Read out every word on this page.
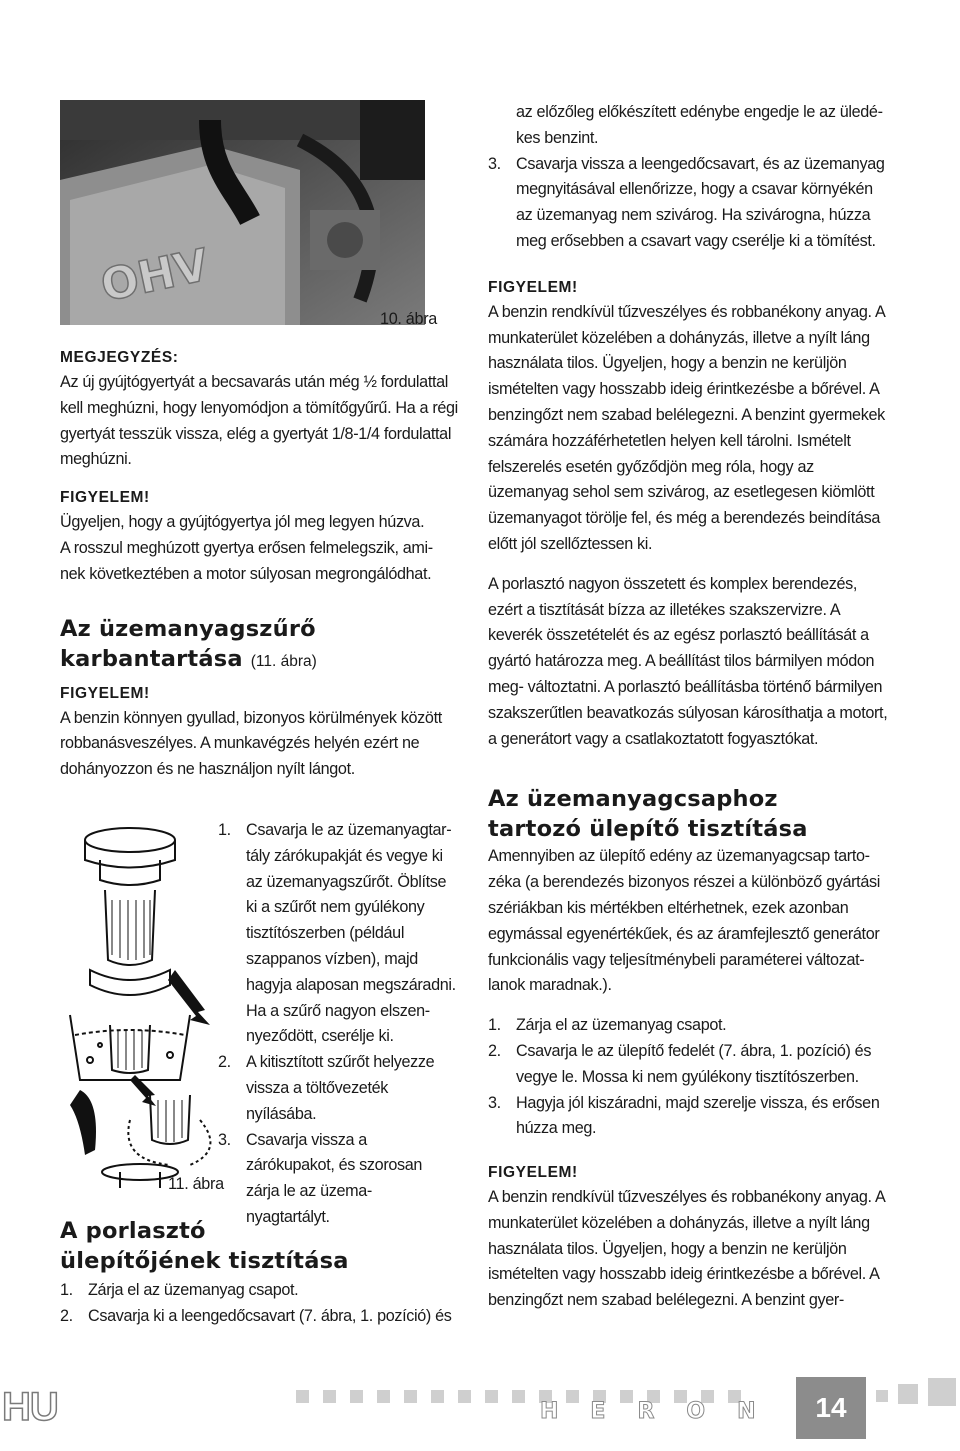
OHV
10. ábra

MEGJEGYZÉS:

Az új gyújtógyertyát a becsavarás után még ½ fordulattal kell meghúzni, hogy lenyomódjon a tömítőgyűrű. Ha a régi gyertyát tesszük vissza, elég a gyertyát 1/8-1/4 fordulattal meghúzni.

FIGYELEM!

Ügyeljen, hogy a gyújtógyertya jól meg legyen húzva.

A rosszul meghúzott gyertya erősen felmelegszik, ami-

nek következtében a motor súlyosan megrongálódhat.

Az üzemanyagszűrő

karbantartása (11. ábra)

FIGYELEM!

A benzin könnyen gyullad, bizonyos körülmények között robbanásveszélyes. A munkavégzés helyén ezért ne dohányozzon és ne használjon nyílt lángot.

11. ábra
1. Csavarja le az üzemanyagtar- tály zárókupakját és vegye ki az üzemanyagszűrőt. Öblítse ki a szűrőt nem gyúlékony tisztítószerben (például szappanos vízben), majd hagyja alaposan megszáradni. Ha a szűrő nagyon elszen- nyeződött, cserélje ki.
2. A kitisztított szűrőt helyezze vissza a töltővezeték nyílásába.
3. Csavarja vissza a zárókupakot, és szorosan zárja le az üzema- nyagtartályt.

A porlasztó

ülepítőjének tisztítása

1. Zárja el az üzemanyag csapot.
2. Csavarja ki a leengedőcsavart (7. ábra, 1. pozíció) és

az előzőleg előkészített edénybe engedje le az üledé- kes benzint.

3. Csavarja vissza a leengedőcsavart, és az üzemanyag megnyitásával ellenőrizze, hogy a csavar környékén az üzemanyag nem szivárog. Ha szivárogna, húzza meg erősebben a csavart vagy cserélje ki a tömítést.

FIGYELEM!

A benzin rendkívül tűzveszélyes és robbanékony anyag. A munkaterület közelében a dohányzás, illetve a nyílt láng használata tilos. Ügyeljen, hogy a benzin ne kerüljön ismételten vagy hosszabb ideig érintkezésbe a bőrével. A benzingőzt nem szabad belélegezni. A benzint gyermekek számára hozzáférhetetlen helyen kell tárolni. Ismételt felszerelés esetén győződjön meg róla, hogy az üzemanyag sehol sem szivárog, az esetlegesen kiömlött üzemanyagot törölje fel, és még a berendezés beindítása előtt jól szellőztessen ki.

A porlasztó nagyon összetett és komplex berendezés, ezért a tisztítását bízza az illetékes szakszervizre. A keverék összetételét és az egész porlasztó beállítását a gyártó határozza meg. A beállítást tilos bármilyen módon meg- változtatni. A porlasztó beállításba történő bármilyen szakszerűtlen beavatkozás súlyosan károsíthatja a motort, a generátort vagy a csatlakoztatott fogyasztókat.

Az üzemanyagcsaphoz

tartozó ülepítő tisztítása

Amennyiben az ülepítő edény az üzemanyagcsap tarto- zéka (a berendezés bizonyos részei a különböző gyártási szériákban kis mértékben eltérhetnek, ezek azonban egymással egyenértékűek, és az áramfejlesztő generátor funkcionális vagy teljesítménybeli paraméterei változat- lanok maradnak.).

1. Zárja el az üzemanyag csapot.
2. Csavarja le az ülepítő fedelét (7. ábra, 1. pozíció) és vegye le. Mossa ki nem gyúlékony tisztítószerben.
3. Hagyja jól kiszáradni, majd szerelje vissza, és erősen húzza meg.

FIGYELEM!

A benzin rendkívül tűzveszélyes és robbanékony anyag. A munkaterület közelében a dohányzás, illetve a nyílt láng használata tilos. Ügyeljen, hogy a benzin ne kerüljön ismételten vagy hosszabb ideig érintkezésbe a bőrével. A benzingőzt nem szabad belélegezni. A benzint gyer-

HU	HERON 14
